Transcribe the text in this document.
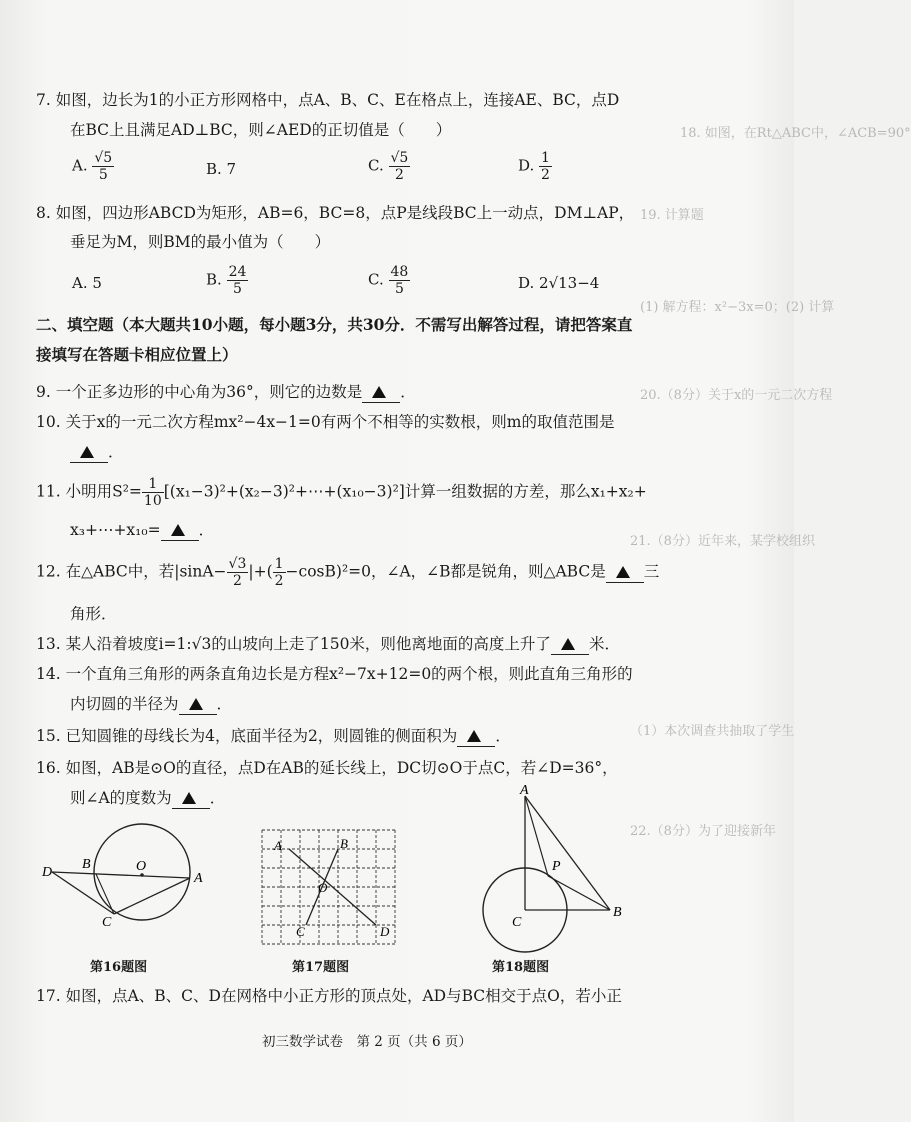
18. 如图，在Rt△ABC中，∠ACB=90°
19. 计算题
(1) 解方程：x²−3x=0；(2) 计算
20.（8分）关于x的一元二次方程
21.（8分）近年来，某学校组织
（1）本次调查共抽取了学生
22.（8分）为了迎接新年
7. 如图，边长为1的小正方形网格中，点A、B、C、E在格点上，连接AE、BC，点D
在BC上且满足AD⊥BC，则∠AED的正切值是（　　）
A. $\frac{√5}{5}$	B. 7	C. $\frac{√5}{2}$	D. $\frac{1}{2}$
8. 如图，四边形ABCD为矩形，AB=6，BC=8，点P是线段BC上一动点，DM⊥AP，
垂足为M，则BM的最小值为（　　）
A. 5	B. $\frac{24}{5}$	C. $\frac{48}{5}$	D. 2√13−4
二、填空题（本大题共10小题，每小题3分，共30分．不需写出解答过程，请把答案直
接填写在答题卡相应位置上）
9. 一个正多边形的中心角为36°，则它的边数是 ．
10. 关于x的一元二次方程mx²−4x−1=0有两个不相等的实数根，则m的取值范围是
．
11. 小明用$S^2= \frac{1}{10}$ [(x₁−3)²+(x₂−3)²+⋯+(x₁₀−3)²]计算一组数据的方差，那么x₁+x₂+
x₃+⋯+x₁₀= ．
12. 在△ABC中，若$|\sin A- \frac{√3}{2}$ |+( $\frac{1}{2} -\cos B)^2=0$，∠A，∠B都是锐角，则△ABC是 三
角形．
13. 某人沿着坡度i=1:√3的山坡向上走了150米，则他离地面的高度上升了 米．
14. 一个直角三角形的两条直角边长是方程x²−7x+12=0的两个根，则此直角三角形的
内切圆的半径为 ．
15. 已知圆锥的母线长为4，底面半径为2，则圆锥的侧面积为 ．
16. 如图，AB是⊙O的直径，点D在AB的延长线上，DC切⊙O于点C，若∠D=36°，
则∠A的度数为 ．
D
B	O
A
C
第16题图
A	B
O
C	D
第17题图
A
P
C
B
第18题图
17. 如图，点A、B、C、D在网格中小正方形的顶点处，AD与BC相交于点O，若小正
初三数学试卷　第 2 页（共 6 页）
